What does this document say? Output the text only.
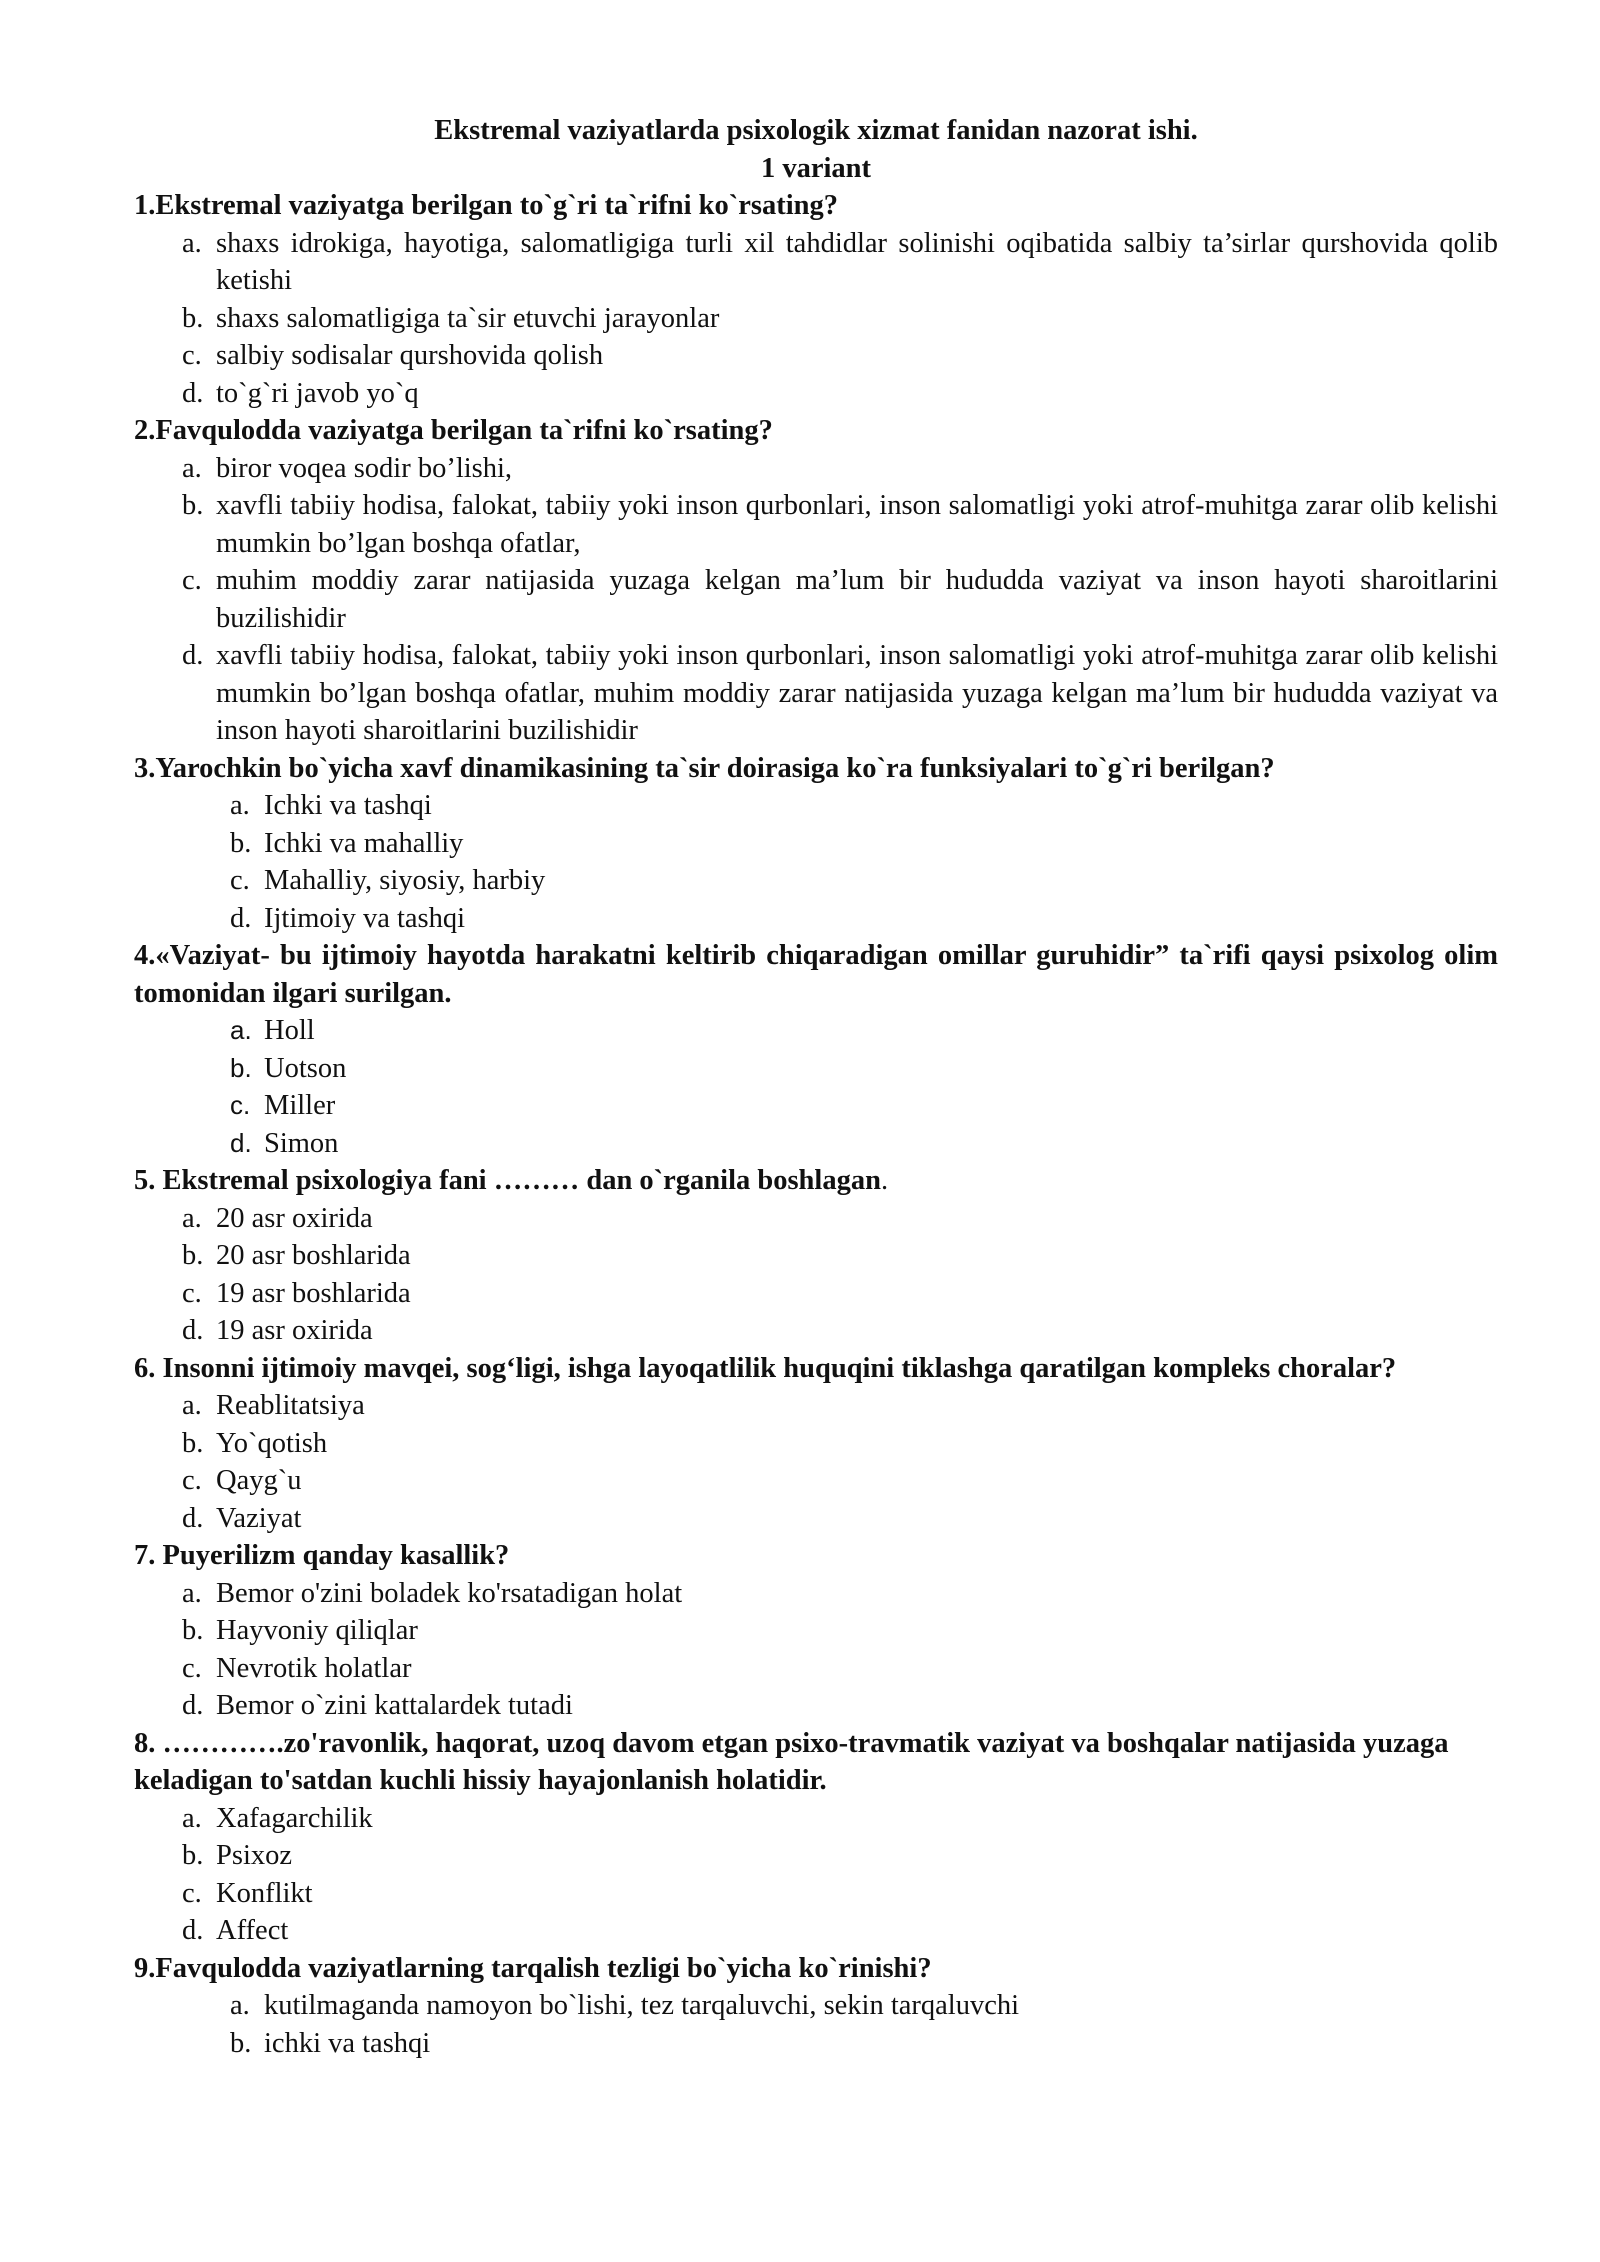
Ekstremal vaziyatlarda psixologik xizmat fanidan nazorat ishi.
1 variant
1.Ekstremal vaziyatga berilgan to`g`ri ta`rifni ko`rsating?
a. shaxs idrokiga, hayotiga, salomatligiga turli xil tahdidlar solinishi oqibatida salbiy ta’sirlar qurshovida qolib ketishi
b. shaxs salomatligiga ta`sir etuvchi jarayonlar
c. salbiy sodisalar qurshovida qolish
d. to`g`ri javob yo`q
2.Favqulodda vaziyatga berilgan ta`rifni ko`rsating?
a. biror voqea sodir bo’lishi,
b. xavfli tabiiy hodisa, falokat, tabiiy yoki inson qurbonlari, inson salomatligi yoki atrof-muhitga zarar olib kelishi mumkin bo’lgan boshqa ofatlar,
c. muhim moddiy zarar natijasida yuzaga kelgan ma’lum bir hududda vaziyat va inson hayoti sharoitlarini buzilishidir
d. xavfli tabiiy hodisa, falokat, tabiiy yoki inson qurbonlari, inson salomatligi yoki atrof-muhitga zarar olib kelishi mumkin bo’lgan boshqa ofatlar, muhim moddiy zarar natijasida yuzaga kelgan ma’lum bir hududda vaziyat va inson hayoti sharoitlarini buzilishidir
3.Yarochkin bo`yicha xavf dinamikasining ta`sir doirasiga ko`ra funksiyalari to`g`ri berilgan?
a. Ichki va tashqi
b. Ichki va mahalliy
c. Mahalliy, siyosiy, harbiy
d. Ijtimoiy va tashqi
4.«Vaziyat- bu ijtimoiy hayotda harakatni keltirib chiqaradigan omillar guruhidir” ta`rifi qaysi psixolog olim tomonidan ilgari surilgan.
a. Holl
b. Uotson
c. Miller
d. Simon
5. Ekstremal psixologiya fani ……… dan o`rganila boshlagan.
a. 20 asr oxirida
b. 20 asr boshlarida
c. 19 asr boshlarida
d. 19 asr oxirida
6. Insonni ijtimoiy mavqei, sog‘ligi, ishga layoqatlilik huquqini tiklashga qaratilgan kompleks choralar?
a. Reablitatsiya
b. Yo`qotish
c. Qayg`u
d. Vaziyat
7. Puyerilizm qanday kasallik?
a. Bemor o'zini boladek ko'rsatadigan holat
b. Hayvoniy qiliqlar
c. Nevrotik holatlar
d. Bemor o`zini kattalardek tutadi
8. ………….zo'ravonlik, haqorat, uzoq davom etgan psixo-travmatik vaziyat va boshqalar natijasida yuzaga keladigan to'satdan kuchli hissiy hayajonlanish holatidir.
a. Xafagarchilik
b. Psixoz
c. Konflikt
d. Affect
9.Favqulodda vaziyatlarning tarqalish tezligi bo`yicha ko`rinishi?
a. kutilmaganda namoyon bo`lishi, tez tarqaluvchi, sekin tarqaluvchi
b. ichki va tashqi
